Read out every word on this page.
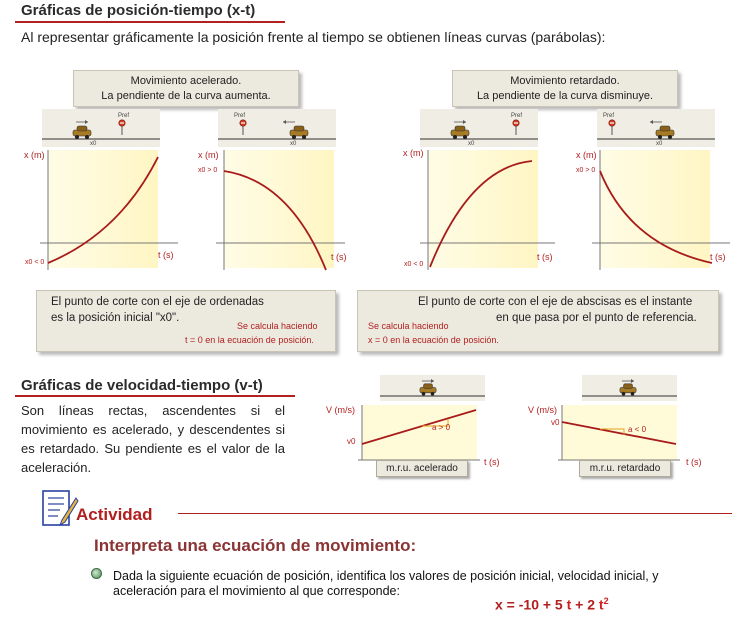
Gráficas de posición-tiempo (x-t)
Al representar gráficamente la posición frente al tiempo se obtienen líneas curvas (parábolas):
Movimiento acelerado.
La pendiente de la curva aumenta.
Movimiento retardado.
La pendiente de la curva disminuye.
Pref
x0
Pref
x0
Pref
x0
Pref
x0
x (m)
t (s)
x0 < 0
x (m)
t (s)
x0 > 0
x (m)
t (s)
x0 < 0
x (m)
t (s)
x0 > 0
El punto de corte con el eje de ordenadas
es la posición inicial "x0".
Se calcula haciendo
t = 0 en la ecuación de posición.
El punto de corte con el eje de abscisas es el instante
en que pasa por el punto de referencia.
Se calcula haciendo
x = 0 en la ecuación de posición.
Gráficas de velocidad-tiempo (v-t)
Son líneas rectas, ascendentes si el movimiento es acelerado, y descendentes si es retardado. Su pendiente es el valor de la aceleración.
V (m/s)
v0
a > 0
t (s)
m.r.u. acelerado
V (m/s)
v0
a < 0
t (s)
m.r.u. retardado
Actividad
Interpreta una ecuación de movimiento:
Dada la siguiente ecuación de posición, identifica los valores de posición inicial, velocidad inicial, y aceleración para el movimiento al que corresponde:
x = -10 + 5 t + 2 $t^2$
